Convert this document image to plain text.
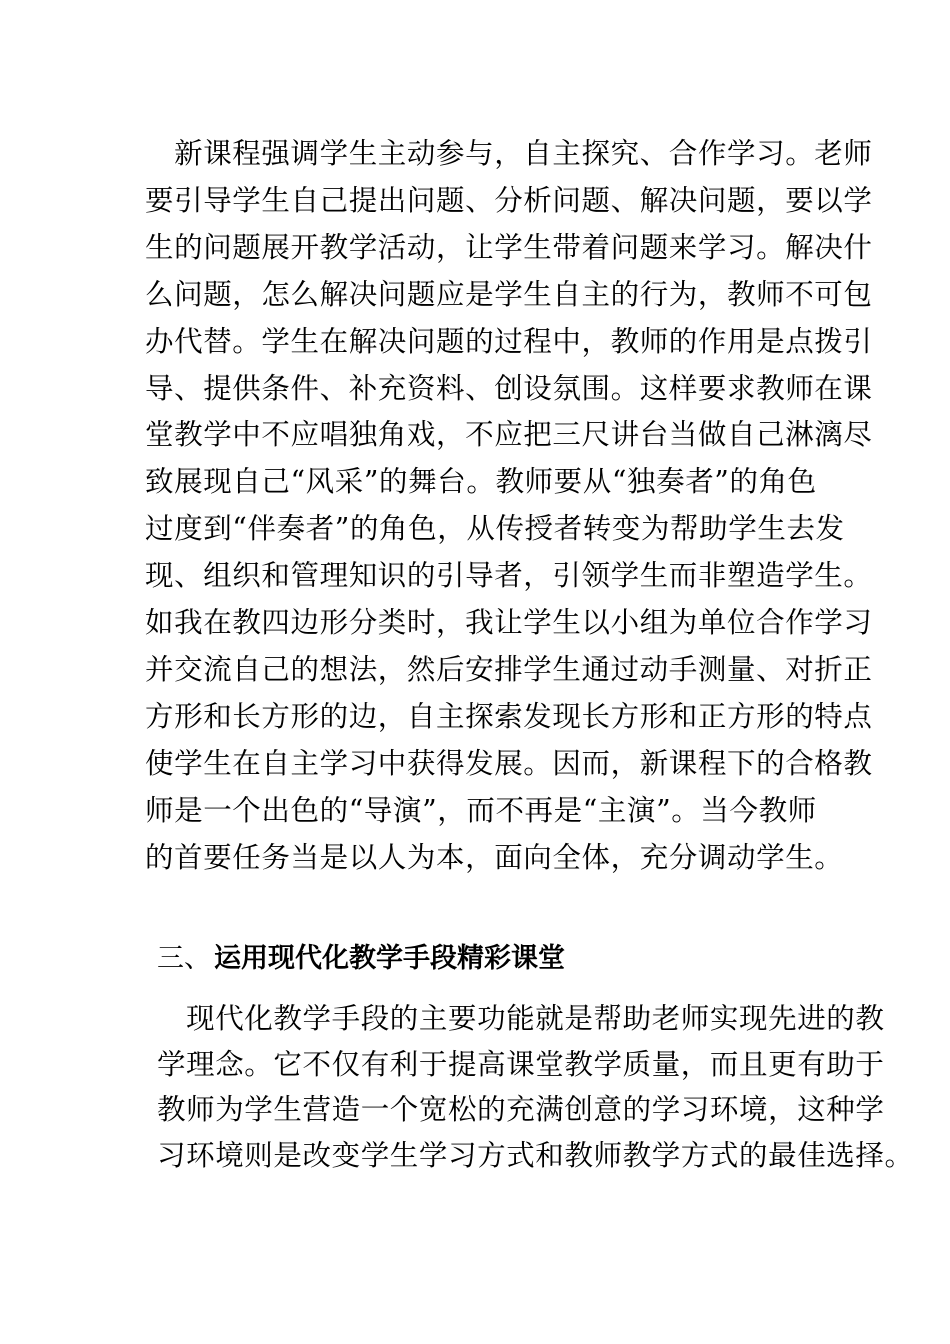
　新课程强调学生主动参与，自主探究、合作学习。老师
要引导学生自己提出问题、分析问题、解决问题，要以学
生的问题展开教学活动，让学生带着问题来学习。解决什
么问题，怎么解决问题应是学生自主的行为，教师不可包
办代替。学生在解决问题的过程中，教师的作用是点拨引
导、提供条件、补充资料、创设氛围。这样要求教师在课
堂教学中不应唱独角戏，不应把三尺讲台当做自己淋漓尽
致展现自己“风采”的舞台。教师要从“独奏者”的角色
过度到“伴奏者”的角色，从传授者转变为帮助学生去发
现、组织和管理知识的引导者，引领学生而非塑造学生。
如我在教四边形分类时，我让学生以小组为单位合作学习
并交流自己的想法，然后安排学生通过动手测量、对折正
方形和长方形的边，自主探索发现长方形和正方形的特点
使学生在自主学习中获得发展。因而，新课程下的合格教
师是一个出色的“导演”，而不再是“主演”。当今教师
的首要任务当是以人为本，面向全体，充分调动学生。
三、 运用现代化教学手段精彩课堂
　现代化教学手段的主要功能就是帮助老师实现先进的教
学理念。它不仅有利于提高课堂教学质量，而且更有助于
教师为学生营造一个宽松的充满创意的学习环境，这种学
习环境则是改变学生学习方式和教师教学方式的最佳选择。
